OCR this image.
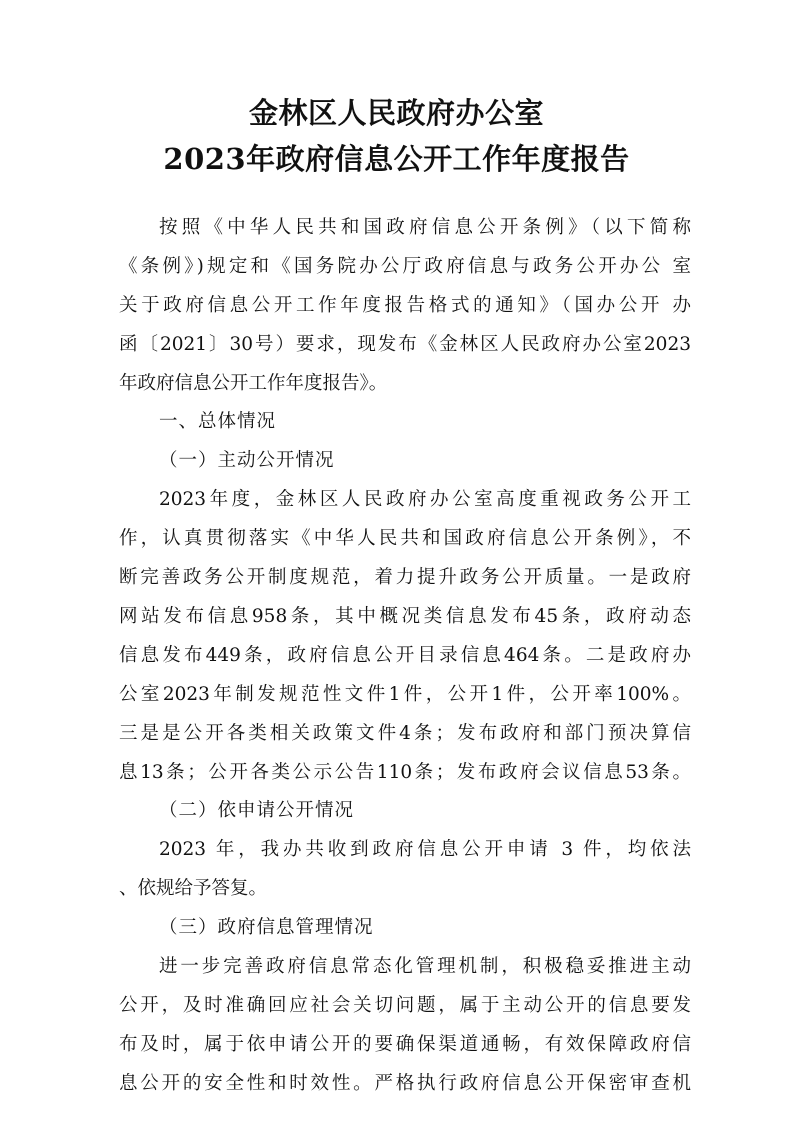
金林区人民政府办公室
2023年政府信息公开工作年度报告
按照《中华人民共和国政府信息公开条例》（以下简称
《条例》)规定和《国务院办公厅政府信息与政务公开办公 室
关于政府信息公开工作年度报告格式的通知》（国办公开 办
函〔2021〕30号）要求，现发布《金林区人民政府办公室2023
年政府信息公开工作年度报告》。
一、总体情况
（一）主动公开情况
2023年度，金林区人民政府办公室高度重视政务公开工
作，认真贯彻落实《中华人民共和国政府信息公开条例》，不
断完善政务公开制度规范，着力提升政务公开质量。一是政府
网站发布信息958条，其中概况类信息发布45条，政府动态
信息发布449条，政府信息公开目录信息464条。二是政府办
公室2023年制发规范性文件1件，公开1件，公开率100%。
三是是公开各类相关政策文件4条；发布政府和部门预决算信
息13条；公开各类公示公告110条；发布政府会议信息53条。
（二）依申请公开情况
2023 年，我办共收到政府信息公开申请 3 件，均依法
、依规给予答复。
（三）政府信息管理情况
进一步完善政府信息常态化管理机制，积极稳妥推进主动
公开，及时准确回应社会关切问题，属于主动公开的信息要发
布及时，属于依申请公开的要确保渠道通畅，有效保障政府信
息公开的安全性和时效性。严格执行政府信息公开保密审查机
